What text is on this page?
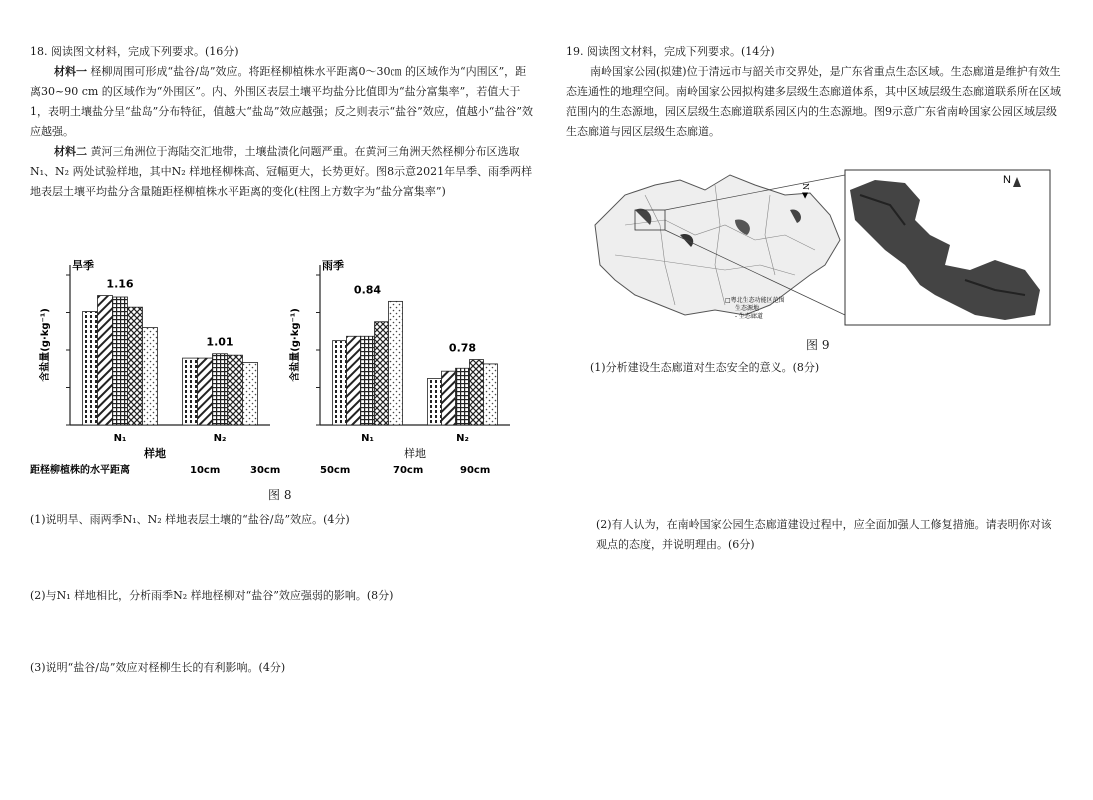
18. 阅读图文材料，完成下列要求。(16分)

材料一 柽柳周围可形成“盐谷/岛”效应。将距柽柳植株水平距离0～30㎝ 的区域作为“内围区”，距离30~90 cm 的区域作为“外围区”。内、外围区表层土壤平均盐分比值即为“盐分富集率”，若值大于1，表明土壤盐分呈“盐岛”分布特征，值越大“盐岛”效应越强；反之则表示“盐谷”效应，值越小“盐谷”效应越强。

材料二 黄河三角洲位于海陆交汇地带，土壤盐渍化问题严重。在黄河三角洲天然柽柳分布区选取N₁、N₂ 两处试验样地，其中N₂ 样地柽柳株高、冠幅更大，长势更好。图8示意2021年旱季、雨季两样地表层土壤平均盐分含量随距柽柳植株水平距离的变化(柱图上方数字为“盐分富集率”)

旱季
含盐量(g·kg⁻¹)
N₁
1.16
N₂
1.01
样地
雨季
含盐量(g·kg⁻¹)
N₁
0.84
N₂
0.78
样地
距柽柳植株的水平距离	10cm	30cm	50cm	70cm	90cm
图 8

(1)说明旱、雨两季N₁、N₂ 样地表层土壤的“盐谷/岛”效应。(4分)

(2)与N₁ 样地相比，分析雨季N₂ 样地柽柳对“盐谷”效应强弱的影响。(8分)

(3)说明“盐谷/岛”效应对柽柳生长的有利影响。(4分)

19. 阅读图文材料，完成下列要求。(14分)

南岭国家公园(拟建)位于清远市与韶关市交界处，是广东省重点生态区域。生态廊道是维护有效生态连通性的地理空间。南岭国家公园拟构建多层级生态廊道体系，其中区域层级生态廊道联系所在区域范围内的生态源地，园区层级生态廊道联系园区内的生态源地。图9示意广东省南岭国家公园区域层级生态廊道与园区层级生态廊道。

N ▶
N
□粤北生态功能区范围
生态源地
- 生态廊道
图 9

(1)分析建设生态廊道对生态安全的意义。(8分)

(2)有人认为，在南岭国家公园生态廊道建设过程中，应全面加强人工修复措施。请表明你对该观点的态度，并说明理由。(6分)
